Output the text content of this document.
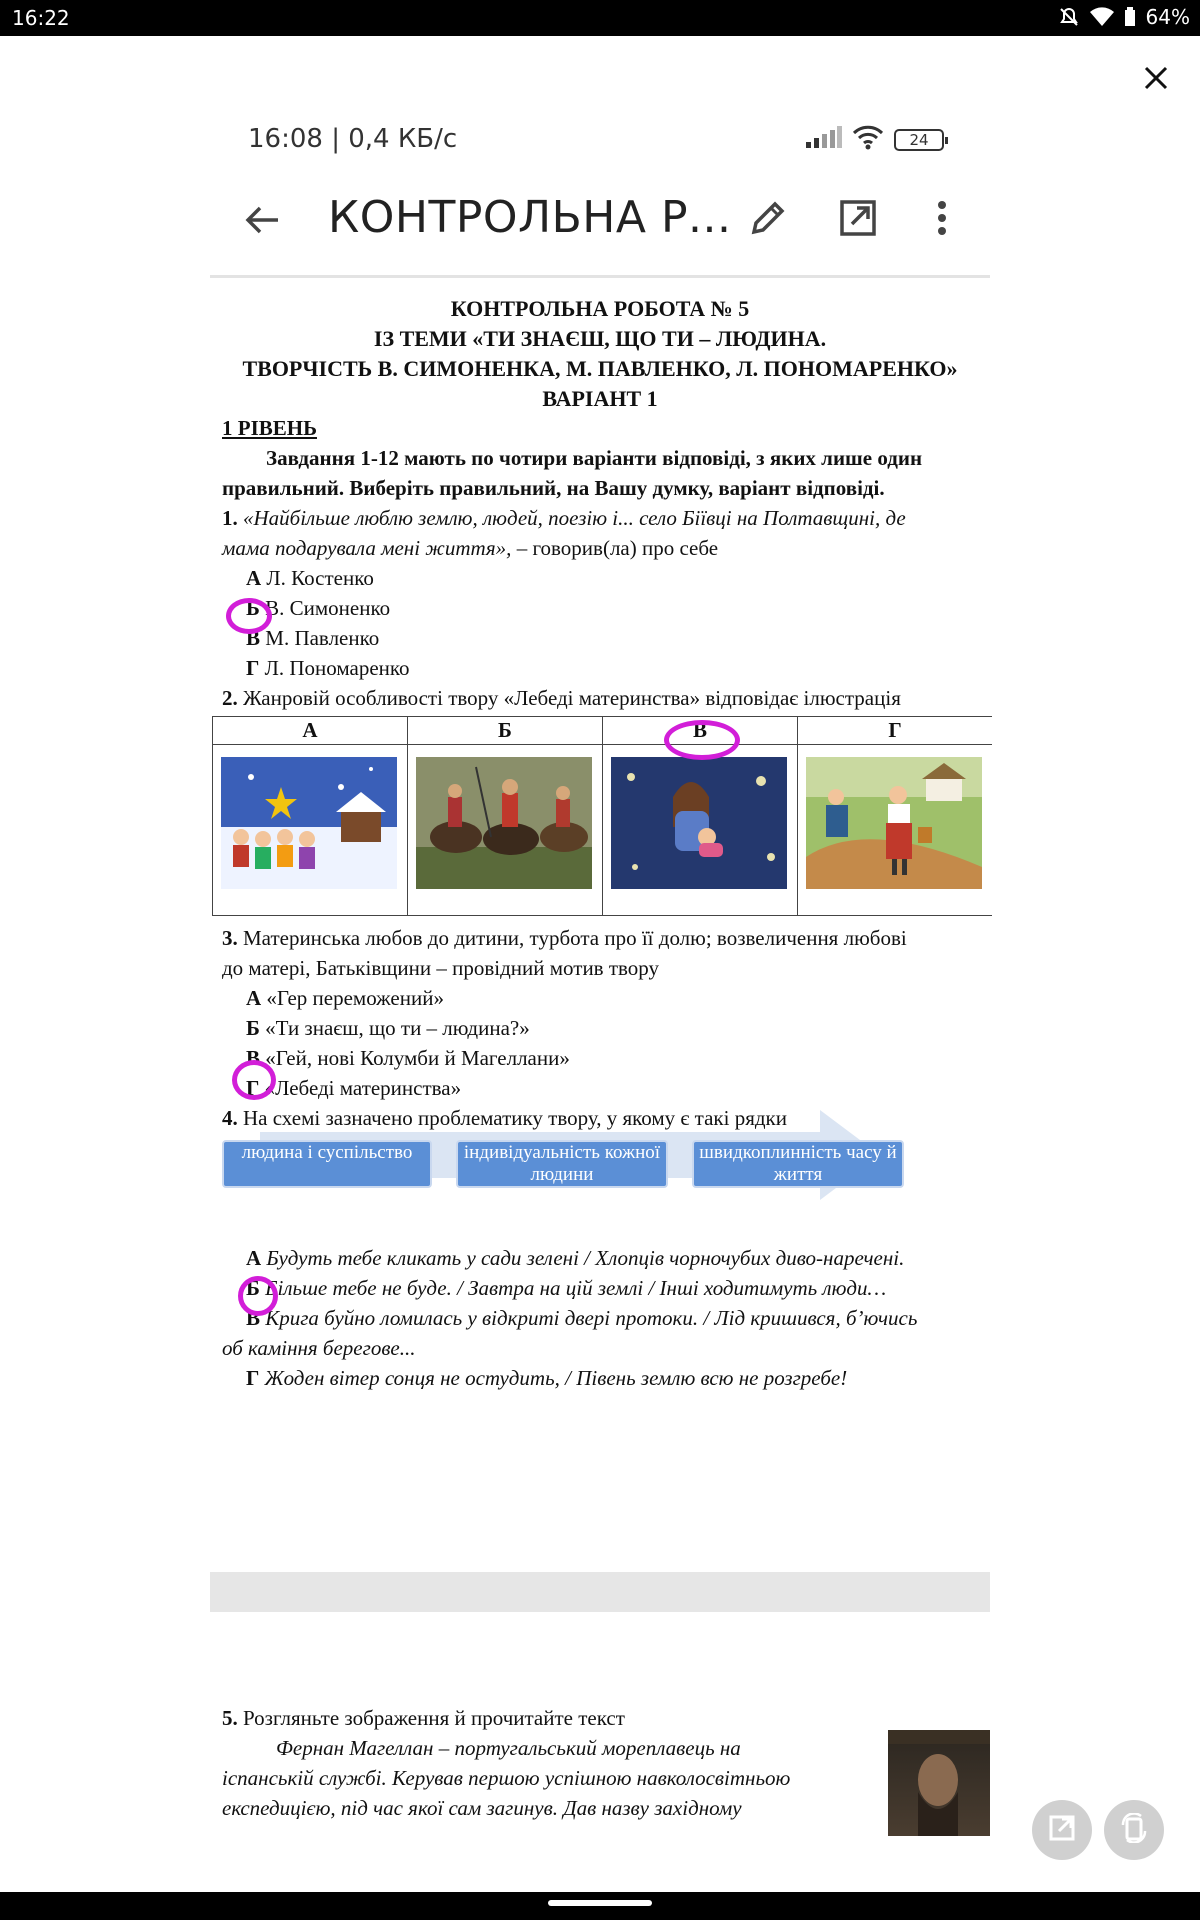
16:22	64%
16:08 | 0,4 КБ/с	24
КОНТРОЛЬНА Р...
КОНТРОЛЬНА РОБОТА № 5
ІЗ ТЕМИ «ТИ ЗНАЄШ, ЩО ТИ – ЛЮДИНА.
ТВОРЧІСТЬ В. СИМОНЕНКА, М. ПАВЛЕНКО, Л. ПОНОМАРЕНКО»
ВАРІАНТ 1
1 РІВЕНЬ
Завдання 1-12 мають по чотири варіанти відповіді, з яких лише один
правильний. Виберіть правильний, на Вашу думку, варіант відповіді.
1. «Найбільше люблю землю, людей, поезію і... село Біївці на Полтавщині, де
мама подарувала мені життя», – говорив(ла) про себе
А Л. Костенко
Б В. Симоненко
В М. Павленко
Г Л. Пономаренко
2. Жанровій особливості твору «Лебеді материнства» відповідає ілюстрація
А	Б	В	Г
3. Материнська любов до дитини, турбота про її долю; возвеличення любові
до матері, Батьківщини – провідний мотив твору
А «Гер переможений»
Б «Ти знаєш, що ти – людина?»
В «Гей, нові Колумби й Магеллани»
Г «Лебеді материнства»
4. На схемі зазначено проблематику твору, у якому є такі рядки
людина і суспільство	індивідуальність кожної людини
швидкоплинність часу й життя
А Будуть тебе кликать у сади зелені / Хлопців чорночубих диво-наречені.
Б Більше тебе не буде. / Завтра на цій землі / Інші ходитимуть люди…
В Крига буйно ломилась у відкриті двері протоки. / Лід кришився, б’ючись
об каміння берегове...
Г Жоден вітер сонця не остудить, / Півень землю всю не розгребе!
5. Розгляньте зображення й прочитайте текст
Фернан Магеллан – португальський мореплавець на
іспанській службі. Керував першою успішною навколосвітньою
експедицією, під час якої сам загинув. Дав назву західному
